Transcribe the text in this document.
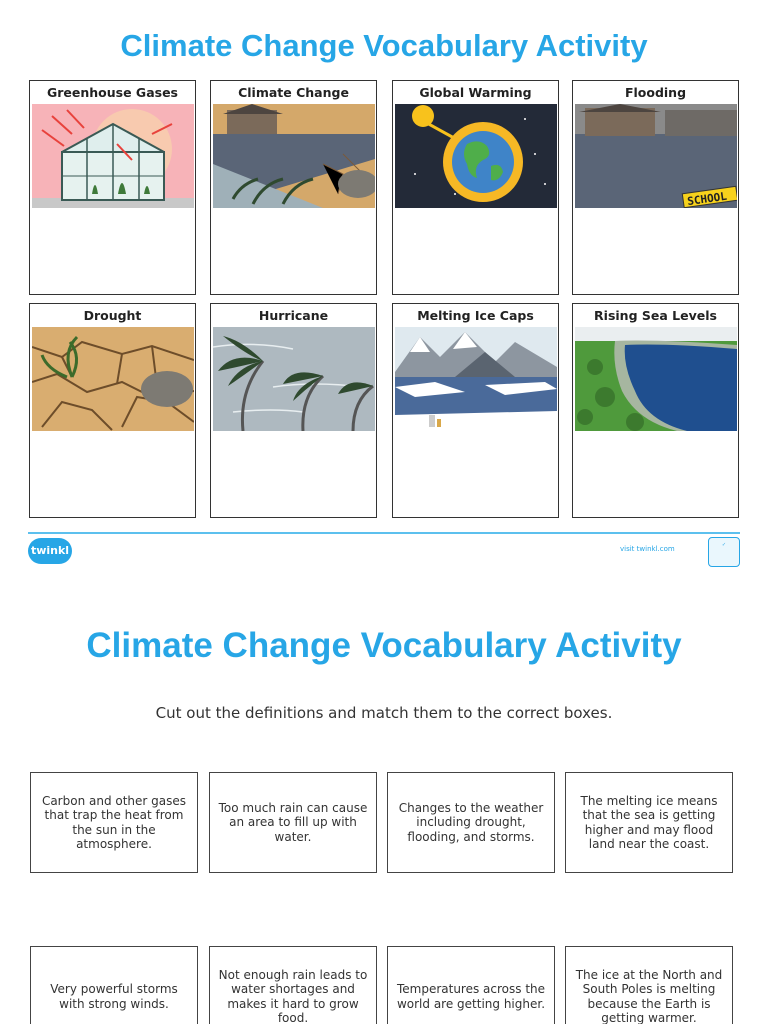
Climate Change Vocabulary Activity
Greenhouse Gases	Climate Change	Global Warming	Flooding
SCHOOL
Drought	Hurricane	Melting Ice Caps	Rising Sea Levels
twinkl	visit twinkl.com	✓
Climate Change Vocabulary Activity
Cut out the definitions and match them to the correct boxes.
Carbon and other gases that trap the heat from the sun in the atmosphere.
Too much rain can cause an area to fill up with water.
Changes to the weather including drought, flooding, and storms.
The melting ice means that the sea is getting higher and may flood land near the coast.
Very powerful storms with strong winds.
Not enough rain leads to water shortages and makes it hard to grow food.
Temperatures across the world are getting higher.
The ice at the North and South Poles is melting because the Earth is getting warmer.
